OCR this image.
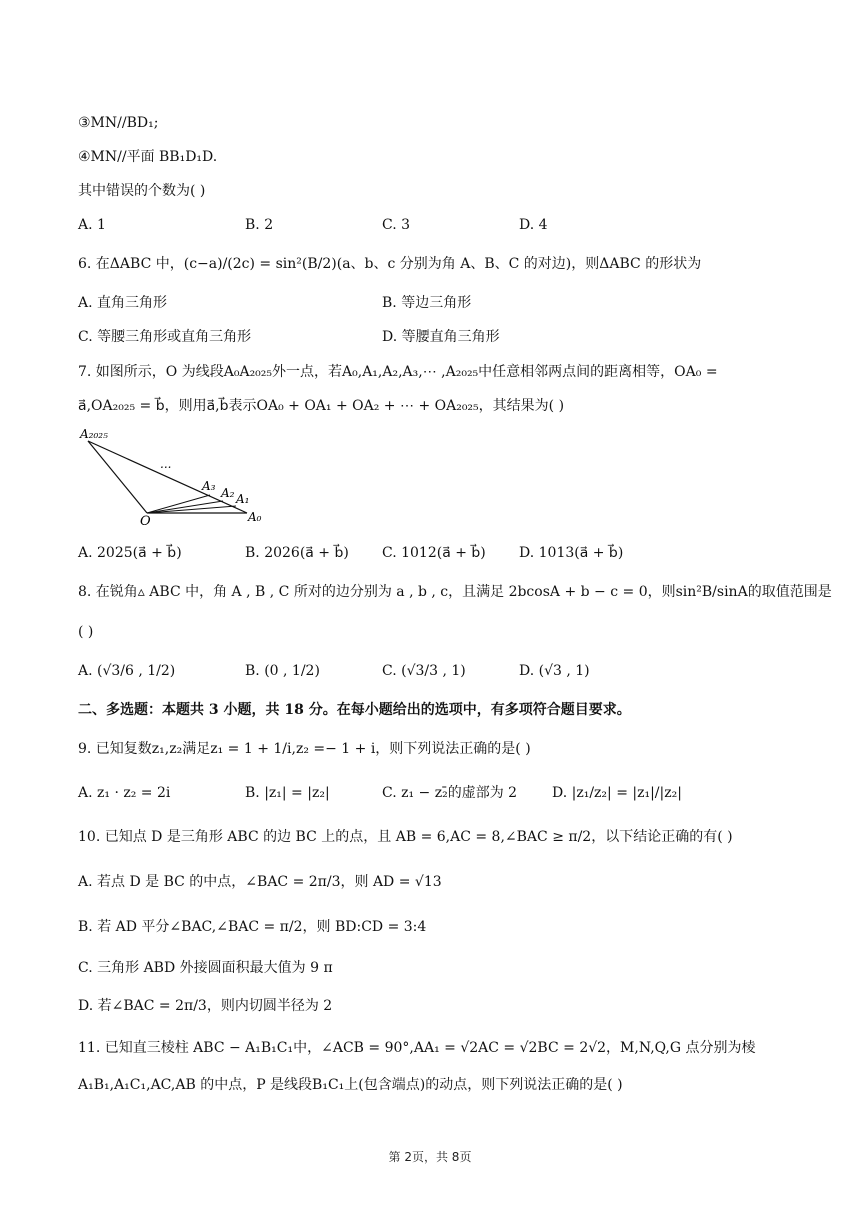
③MN//BD₁;
④MN//平面 BB₁D₁D.
其中错误的个数为( )
A. 1	B. 2	C. 3	D. 4
6. 在ΔABC 中，(c−a)/(2c) = sin²(B/2)(a、b、c 分别为角 A、B、C 的对边)，则ΔABC 的形状为
A. 直角三角形	B. 等边三角形
C. 等腰三角形或直角三角形	D. 等腰直角三角形
7. 如图所示，O 为线段A₀A₂₀₂₅外一点，若A₀,A₁,A₂,A₃,⋯ ,A₂₀₂₅中任意相邻两点间的距离相等，OA₀ =
a⃗,OA₂₀₂₅ = b⃗，则用a⃗,b⃗表示OA₀ + OA₁ + OA₂ + ⋯ + OA₂₀₂₅，其结果为( )
A₂₀₂₅
...
A₃ A₂ A₁
A₀
O
A. 2025(a⃗ + b⃗)	B. 2026(a⃗ + b⃗) C. 1012(a⃗ + b⃗) D. 1013(a⃗ + b⃗)
8. 在锐角▵ ABC 中，角 A , B , C 所对的边分别为 a , b , c，且满足 2bcosA + b − c = 0，则sin²B/sinA的取值范围是
( )
A. (√3/6 , 1/2)	B. (0 , 1/2)	C. (√3/3 , 1)	D. (√3 , 1)
二、多选题：本题共 3 小题，共 18 分。在每小题给出的选项中，有多项符合题目要求。
9. 已知复数z₁,z₂满足z₁ = 1 + 1/i,z₂ =− 1 + i，则下列说法正确的是( )
A. z₁ · z₂ = 2i	B. |z₁| = |z₂|	C. z₁ − z₂̄的虚部为 2 D. |z₁/z₂| = |z₁|/|z₂|
10. 已知点 D 是三角形 ABC 的边 BC 上的点，且 AB = 6,AC = 8,∠BAC ≥ π/2，以下结论正确的有( )
A. 若点 D 是 BC 的中点，∠BAC = 2π/3，则 AD = √13
B. 若 AD 平分∠BAC,∠BAC = π/2，则 BD:CD = 3:4
C. 三角形 ABD 外接圆面积最大值为 9 π
D. 若∠BAC = 2π/3，则内切圆半径为 2
11. 已知直三棱柱 ABC − A₁B₁C₁中，∠ACB = 90°,AA₁ = √2AC = √2BC = 2√2，M,N,Q,G 点分别为棱
A₁B₁,A₁C₁,AC,AB 的中点，P 是线段B₁C₁上(包含端点)的动点，则下列说法正确的是( )
第 2页，共 8页
